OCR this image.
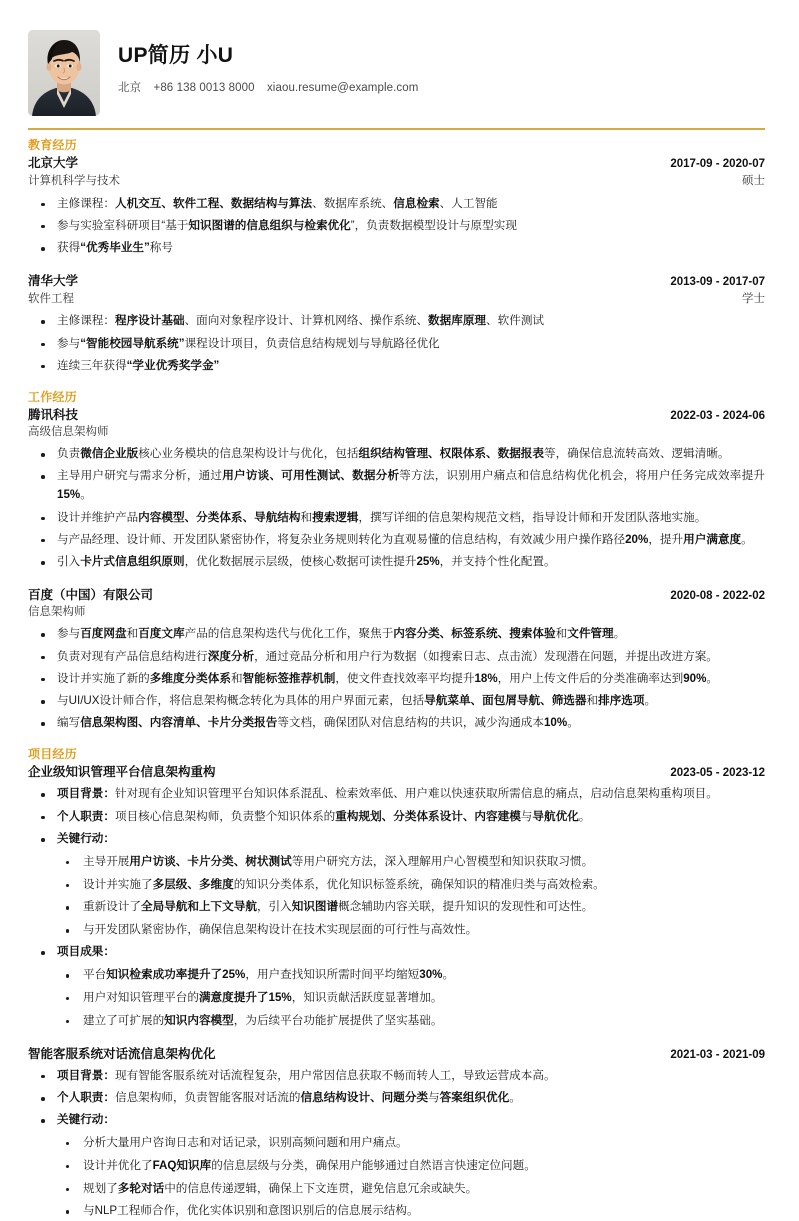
UP简历 小U
北京 +86 138 0013 8000 xiaou.resume@example.com
教育经历
北京大学	2017-09 - 2020-07
计算机科学与技术	硕士
主修课程：人机交互、软件工程、数据结构与算法、数据库系统、信息检索、人工智能
参与实验室科研项目“基于知识图谱的信息组织与检索优化”，负责数据模型设计与原型实现
获得“优秀毕业生”称号
清华大学	2013-09 - 2017-07
软件工程	学士
主修课程：程序设计基础、面向对象程序设计、计算机网络、操作系统、数据库原理、软件测试
参与“智能校园导航系统”课程设计项目，负责信息结构规划与导航路径优化
连续三年获得“学业优秀奖学金”
工作经历
腾讯科技	2022-03 - 2024-06
高级信息架构师
负责微信企业版核心业务模块的信息架构设计与优化，包括组织结构管理、权限体系、数据报表等，确保信息流转高效、逻辑清晰。
主导用户研究与需求分析，通过用户访谈、可用性测试、数据分析等方法，识别用户痛点和信息结构优化机会，将用户任务完成效率提升15%。
设计并维护产品内容模型、分类体系、导航结构和搜索逻辑，撰写详细的信息架构规范文档，指导设计师和开发团队落地实施。
与产品经理、设计师、开发团队紧密协作，将复杂业务规则转化为直观易懂的信息结构，有效减少用户操作路径20%，提升用户满意度。
引入卡片式信息组织原则，优化数据展示层级，使核心数据可读性提升25%，并支持个性化配置。
百度（中国）有限公司	2020-08 - 2022-02
信息架构师
参与百度网盘和百度文库产品的信息架构迭代与优化工作，聚焦于内容分类、标签系统、搜索体验和文件管理。
负责对现有产品信息结构进行深度分析，通过竞品分析和用户行为数据（如搜索日志、点击流）发现潜在问题，并提出改进方案。
设计并实施了新的多维度分类体系和智能标签推荐机制，使文件查找效率平均提升18%，用户上传文件后的分类准确率达到90%。
与UI/UX设计师合作，将信息架构概念转化为具体的用户界面元素，包括导航菜单、面包屑导航、筛选器和排序选项。
编写信息架构图、内容清单、卡片分类报告等文档，确保团队对信息结构的共识，减少沟通成本10%。
项目经历
企业级知识管理平台信息架构重构	2023-05 - 2023-12
项目背景：针对现有企业知识管理平台知识体系混乱、检索效率低、用户难以快速获取所需信息的痛点，启动信息架构重构项目。
个人职责：项目核心信息架构师，负责整个知识体系的重构规划、分类体系设计、内容建模与导航优化。
关键行动：
主导开展用户访谈、卡片分类、树状测试等用户研究方法，深入理解用户心智模型和知识获取习惯。
设计并实施了多层级、多维度的知识分类体系，优化知识标签系统，确保知识的精准归类与高效检索。
重新设计了全局导航和上下文导航，引入知识图谱概念辅助内容关联，提升知识的发现性和可达性。
与开发团队紧密协作，确保信息架构设计在技术实现层面的可行性与高效性。
项目成果：
平台知识检索成功率提升了25%，用户查找知识所需时间平均缩短30%。
用户对知识管理平台的满意度提升了15%，知识贡献活跃度显著增加。
建立了可扩展的知识内容模型，为后续平台功能扩展提供了坚实基础。
智能客服系统对话流信息架构优化	2021-03 - 2021-09
项目背景：现有智能客服系统对话流程复杂，用户常因信息获取不畅而转人工，导致运营成本高。
个人职责：信息架构师，负责智能客服对话流的信息结构设计、问题分类与答案组织优化。
关键行动：
分析大量用户咨询日志和对话记录，识别高频问题和用户痛点。
设计并优化了FAQ知识库的信息层级与分类，确保用户能够通过自然语言快速定位问题。
规划了多轮对话中的信息传递逻辑，确保上下文连贯，避免信息冗余或缺失。
与NLP工程师合作，优化实体识别和意图识别后的信息展示结构。
